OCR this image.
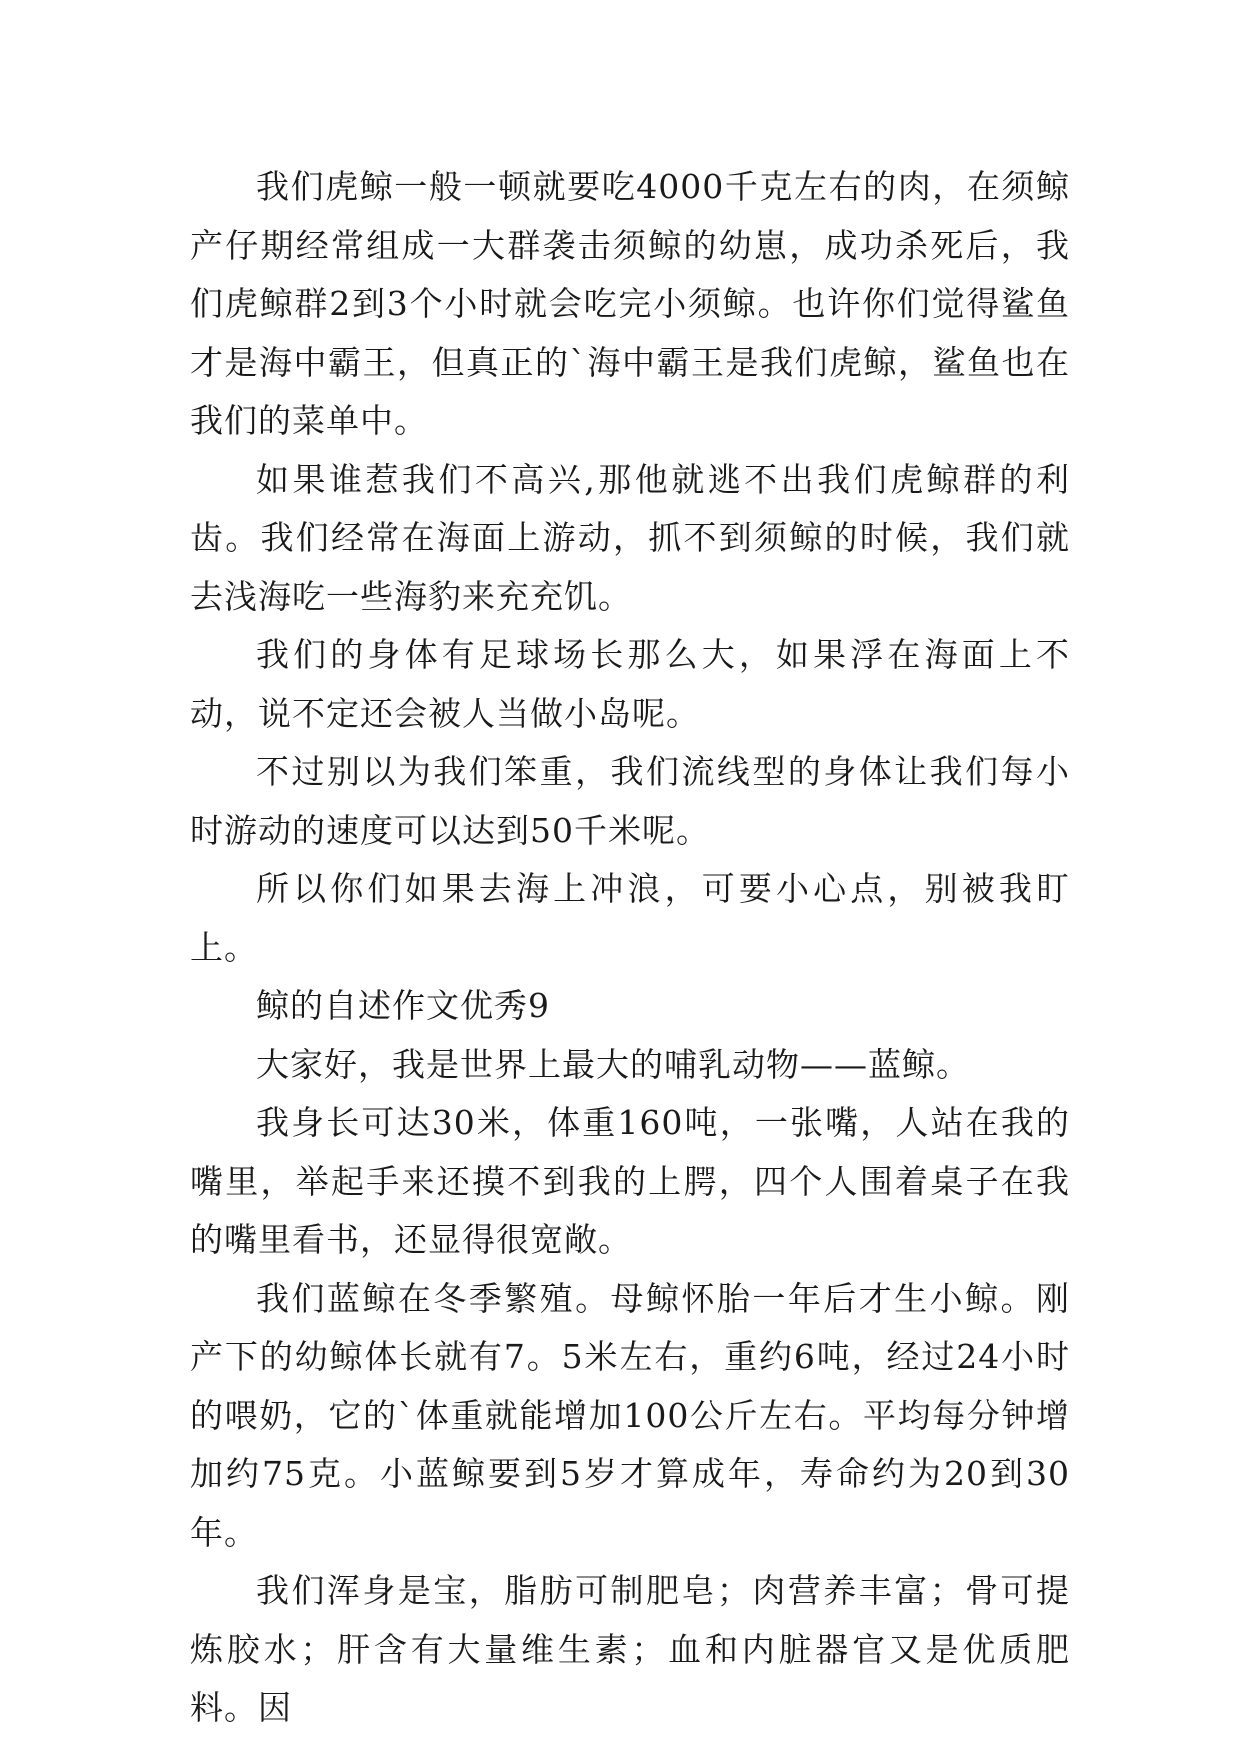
我们虎鲸一般一顿就要吃4000千克左右的肉，在须鲸产仔期经常组成一大群袭击须鲸的幼崽，成功杀死后，我们虎鲸群2到3个小时就会吃完小须鲸。也许你们觉得鲨鱼才是海中霸王，但真正的`海中霸王是我们虎鲸，鲨鱼也在我们的菜单中。

如果谁惹我们不高兴,那他就逃不出我们虎鲸群的利齿。我们经常在海面上游动，抓不到须鲸的时候，我们就去浅海吃一些海豹来充充饥。

我们的身体有足球场长那么大，如果浮在海面上不动，说不定还会被人当做小岛呢。

不过别以为我们笨重，我们流线型的身体让我们每小时游动的速度可以达到50千米呢。

所以你们如果去海上冲浪，可要小心点，别被我盯上。

鲸的自述作文优秀9

大家好，我是世界上最大的哺乳动物——蓝鲸。

我身长可达30米，体重160吨，一张嘴，人站在我的嘴里，举起手来还摸不到我的上腭，四个人围着桌子在我的嘴里看书，还显得很宽敞。

我们蓝鲸在冬季繁殖。母鲸怀胎一年后才生小鲸。刚产下的幼鲸体长就有7。5米左右，重约6吨，经过24小时的喂奶，它的`体重就能增加100公斤左右。平均每分钟增加约75克。小蓝鲸要到5岁才算成年，寿命约为20到30年。

我们浑身是宝，脂肪可制肥皂；肉营养丰富；骨可提炼胶水；肝含有大量维生素；血和内脏器官又是优质肥料。因
